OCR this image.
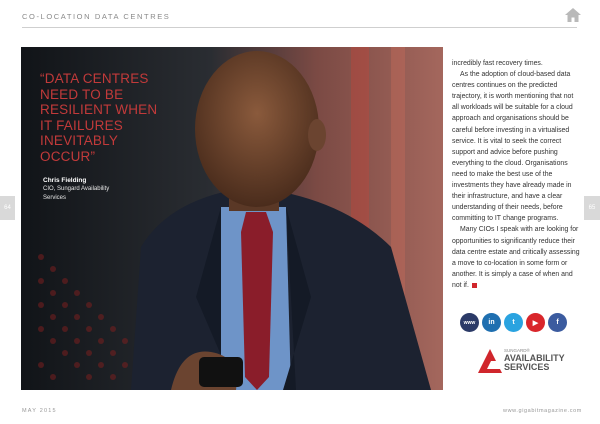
CO-LOCATION DATA CENTRES
“DATA CENTRES NEED TO BE RESILIENT WHEN IT FAILURES INEVITABLY OCCUR”
Chris Fielding
CIO, Sungard Availability Services
64	65

incredibly fast recovery times.

As the adoption of cloud-based data centres continues on the predicted trajectory, it is worth mentioning that not all workloads will be suitable for a cloud approach and organisations should be careful before investing in a virtualised service. It is vital to seek the correct support and advice before pushing everything to the cloud. Organisations need to make the best use of the investments they have already made in their infrastructure, and have a clear understanding of their needs, before committing to IT change programs.

Many CIOs I speak with are looking for opportunities to significantly reduce their data centre estate and critically assessing a move to co-location in some form or another. It is simply a case of when and not if.

www	in	t	▶	f
SUNGARD®
AVAILABILITY
SERVICES
MAY 2015	www.gigabitmagazine.com
